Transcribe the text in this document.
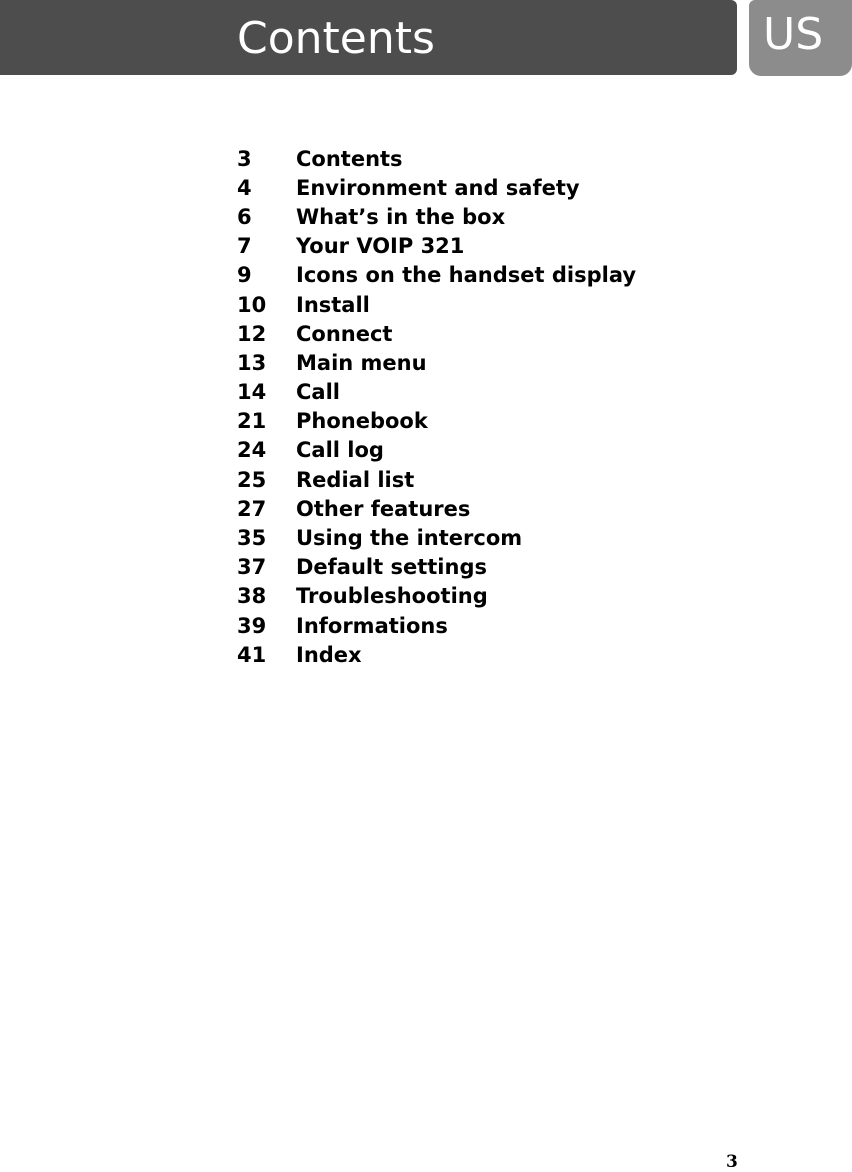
Contents	US
3	Contents
4	Environment and safety
6	What’s in the box
7	Your VOIP 321
9	Icons on the handset display
10	Install
12	Connect
13	Main menu
14	Call
21	Phonebook
24	Call log
25	Redial list
27	Other features
35	Using the intercom
37	Default settings
38	Troubleshooting
39	Informations
41	Index
3
